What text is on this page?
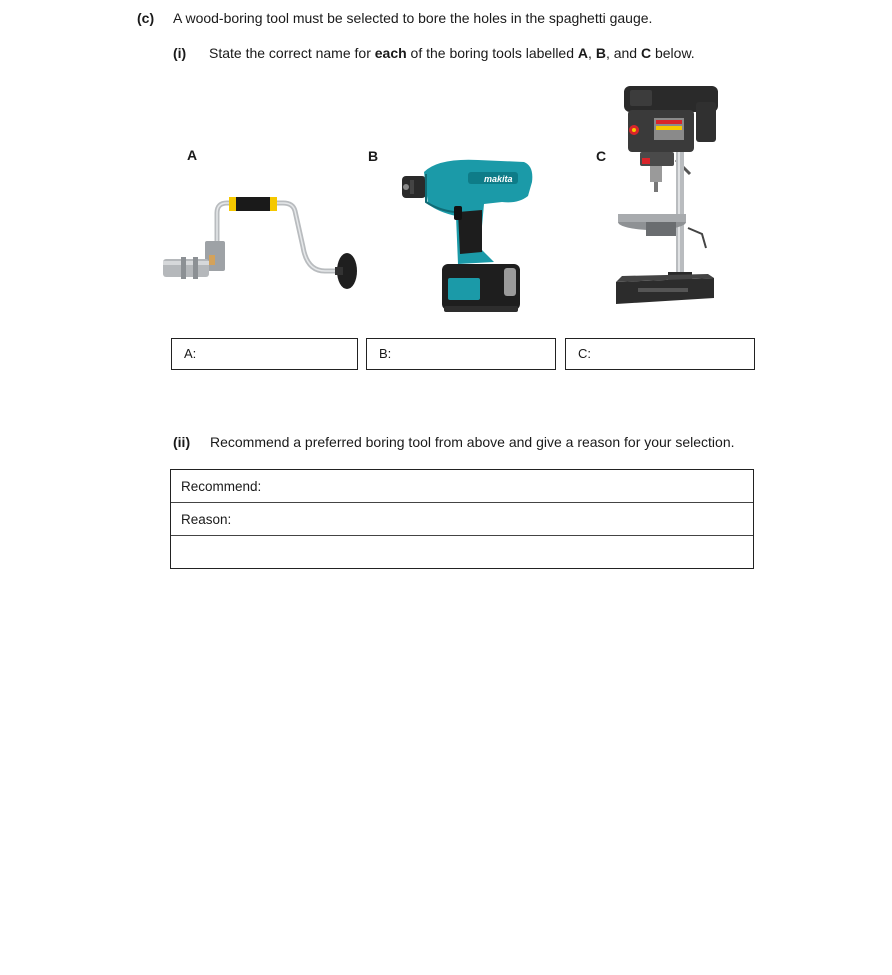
(c) A wood-boring tool must be selected to bore the holes in the spaghetti gauge.
(i) State the correct name for each of the boring tools labelled A, B, and C below.
A	B	C
makita
A:	B:	C:
(ii) Recommend a preferred boring tool from above and give a reason for your selection.
Recommend:
Reason:
